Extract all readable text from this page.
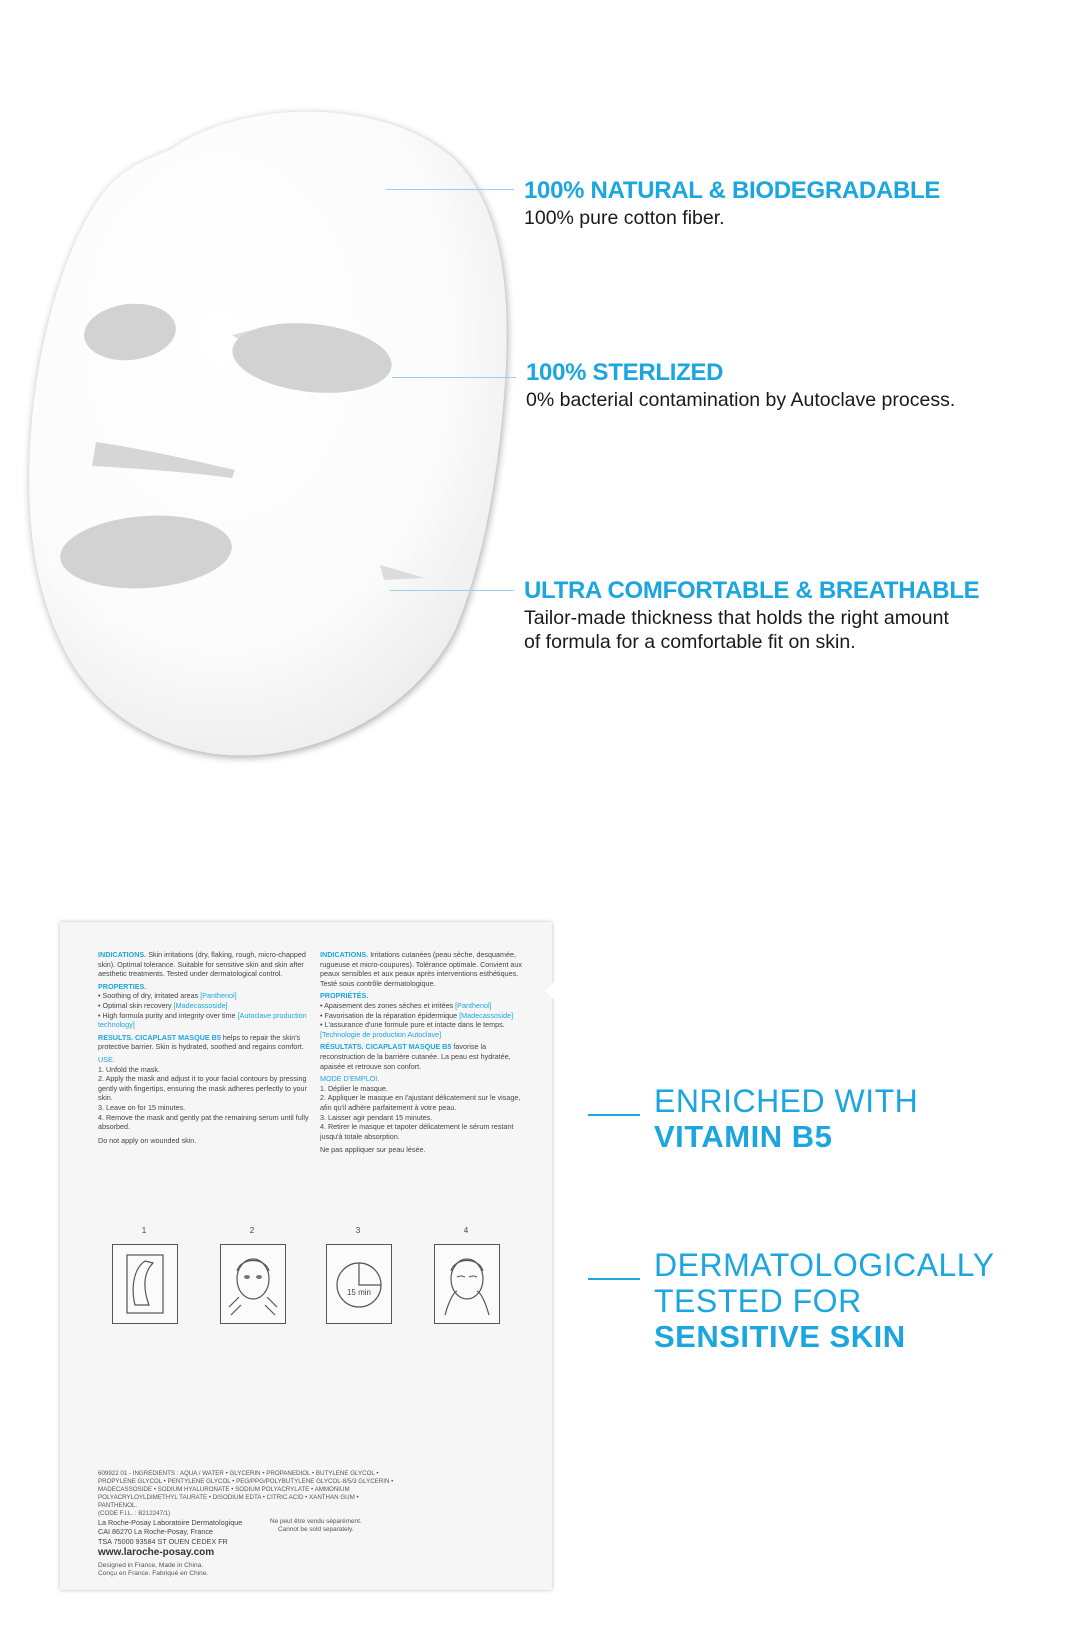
100% NATURAL & BIODEGRADABLE
100% pure cotton fiber.
100% STERLIZED
0% bacterial contamination by Autoclave process.
ULTRA COMFORTABLE & BREATHABLE
Tailor-made thickness that holds the right amount
of formula for a comfortable fit on skin.

INDICATIONS. Skin irritations (dry, flaking, rough, micro-chapped skin). Optimal tolerance. Suitable for sensitive skin and skin after aesthetic treatments. Tested under dermatological control.

PROPERTIES.

• Soothing of dry, irritated areas [Panthenol]

• Optimal skin recovery [Madecassoside]

• High formula purity and integrity over time [Autoclave production technology]

RESULTS. CICAPLAST MASQUE B5 helps to repair the skin's protective barrier. Skin is hydrated, soothed and regains comfort.

USE.

1. Unfold the mask.

2. Apply the mask and adjust it to your facial contours by pressing gently with fingertips, ensuring the mask adheres perfectly to your skin.

3. Leave on for 15 minutes.

4. Remove the mask and gently pat the remaining serum until fully absorbed.

Do not apply on wounded skin.

INDICATIONS. Irritations cutanées (peau sèche, desquamée, rugueuse et micro-coupures). Tolérance optimale. Convient aux peaux sensibles et aux peaux après interventions esthétiques. Testé sous contrôle dermatologique.

PROPRIÉTÉS.

• Apaisement des zones sèches et irritées [Panthenol]

• Favorisation de la réparation épidermique [Madecassoside]

• L'assurance d'une formule pure et intacte dans le temps. [Technologie de production Autoclave]

RÉSULTATS. CICAPLAST MASQUE B5 favorise la reconstruction de la barrière cutanée. La peau est hydratée, apaisée et retrouve son confort.

MODE D'EMPLOI.

1. Déplier le masque.

2. Appliquer le masque en l'ajustant délicatement sur le visage, afin qu'il adhère parfaitement à votre peau.

3. Laisser agir pendant 15 minutes.

4. Retirer le masque et tapoter délicatement le sérum restant jusqu'à totale absorption.

Ne pas appliquer sur peau lésée.

1	2	3	4
15 min
609922 01 - INGREDIENTS : AQUA / WATER • GLYCERIN • PROPANEDIOL • BUTYLENE GLYCOL •
PROPYLENE GLYCOL • PENTYLENE GLYCOL • PEG/PPG/POLYBUTYLENE GLYCOL-8/5/3 GLYCERIN •
MADECASSOSIDE • SODIUM HYALURONATE • SODIUM POLYACRYLATE • AMMONIUM
POLYACRYLOYLDIMETHYL TAURATE • DISODIUM EDTA • CITRIC ACID • XANTHAN GUM • PANTHENOL.
(CODE F.I.L. : B212247/1)
La Roche-Posay Laboratoire Dermatologique
CAI 86270 La Roche-Posay, France
TSA 75000 93584 ST OUEN CEDEX FR
Ne peut être vendu séparément.
Cannot be sold separately.
www.laroche-posay.com
Designed in France, Made in China.
Conçu en France. Fabriqué en Chine.
ENRICHED WITH
VITAMIN B5
DERMATOLOGICALLY
TESTED FOR
SENSITIVE SKIN
